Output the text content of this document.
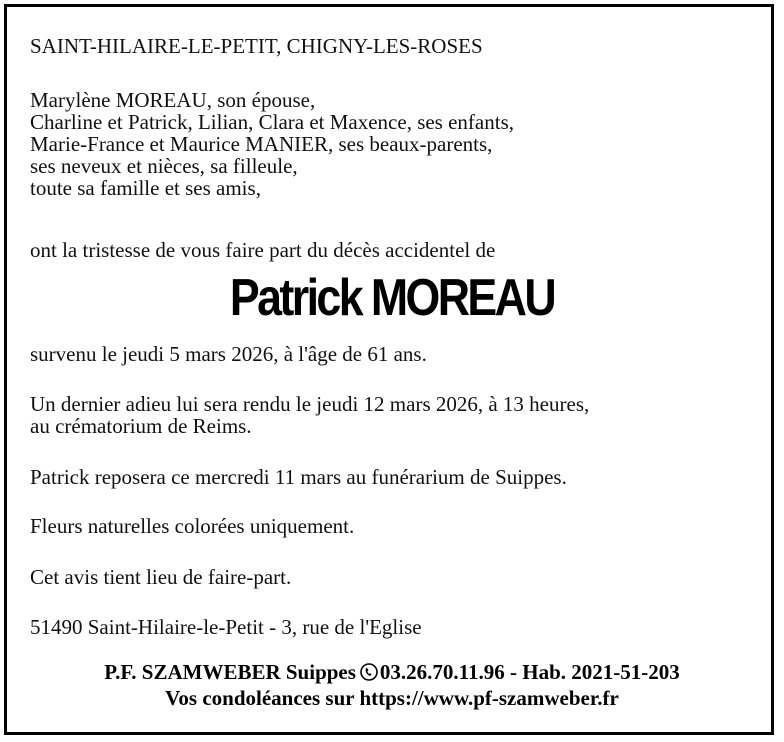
SAINT-HILAIRE-LE-PETIT, CHIGNY-LES-ROSES
Marylène MOREAU, son épouse,
Charline et Patrick, Lilian, Clara et Maxence, ses enfants,
Marie-France et Maurice MANIER, ses beaux-parents,
ses neveux et nièces, sa filleule,
toute sa famille et ses amis,
ont la tristesse de vous faire part du décès accidentel de
Patrick MOREAU
survenu le jeudi 5 mars 2026, à l'âge de 61 ans.
Un dernier adieu lui sera rendu le jeudi 12 mars 2026, à 13 heures,
au crématorium de Reims.
Patrick reposera ce mercredi 11 mars au funérarium de Suippes.
Fleurs naturelles colorées uniquement.
Cet avis tient lieu de faire-part.
51490 Saint-Hilaire-le-Petit - 3, rue de l'Eglise
P.F. SZAMWEBER Suippes 03.26.70.11.96 - Hab. 2021-51-203
Vos condoléances sur https://www.pf-szamweber.fr
